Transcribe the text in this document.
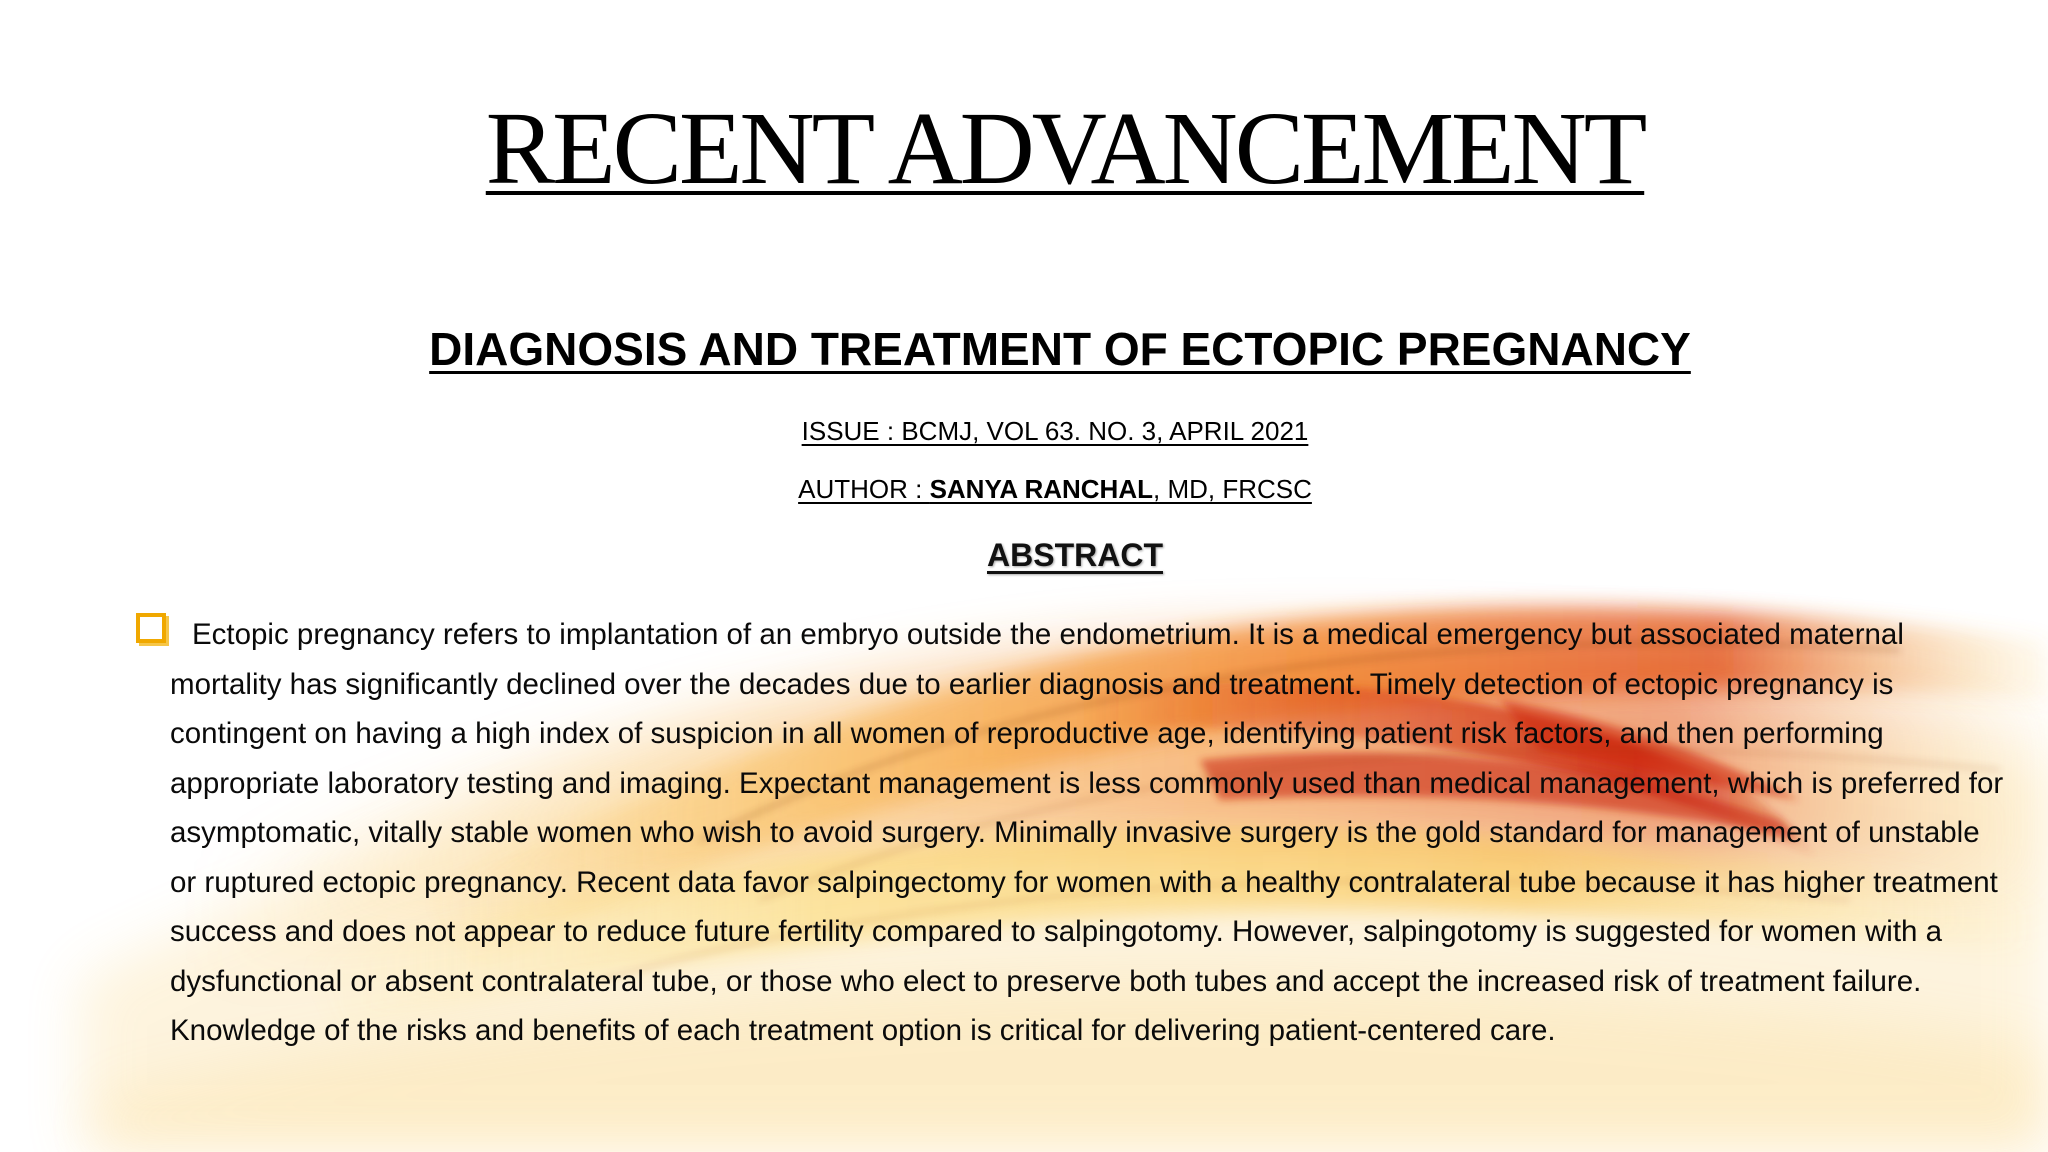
RECENT ADVANCEMENT
DIAGNOSIS AND TREATMENT OF ECTOPIC PREGNANCY
ISSUE : BCMJ, VOL 63. NO. 3, APRIL 2021
AUTHOR : SANYA RANCHAL, MD, FRCSC
ABSTRACT

Ectopic pregnancy refers to implantation of an embryo outside the endometrium. It is a medical emergency but associated maternal mortality has significantly declined over the decades due to earlier diagnosis and treatment. Timely detection of ectopic pregnancy is contingent on having a high index of suspicion in all women of reproductive age, identifying patient risk factors, and then performing appropriate laboratory testing and imaging. Expectant management is less commonly used than medical management, which is preferred for asymptomatic, vitally stable women who wish to avoid surgery. Minimally invasive surgery is the gold standard for management of unstable or ruptured ectopic pregnancy. Recent data favor salpingectomy for women with a healthy contralateral tube because it has higher treatment success and does not appear to reduce future fertility compared to salpingotomy. However, salpingotomy is suggested for women with a dysfunctional or absent contralateral tube, or those who elect to preserve both tubes and accept the increased risk of treatment failure. Knowledge of the risks and benefits of each treatment option is critical for delivering patient-centered care.
